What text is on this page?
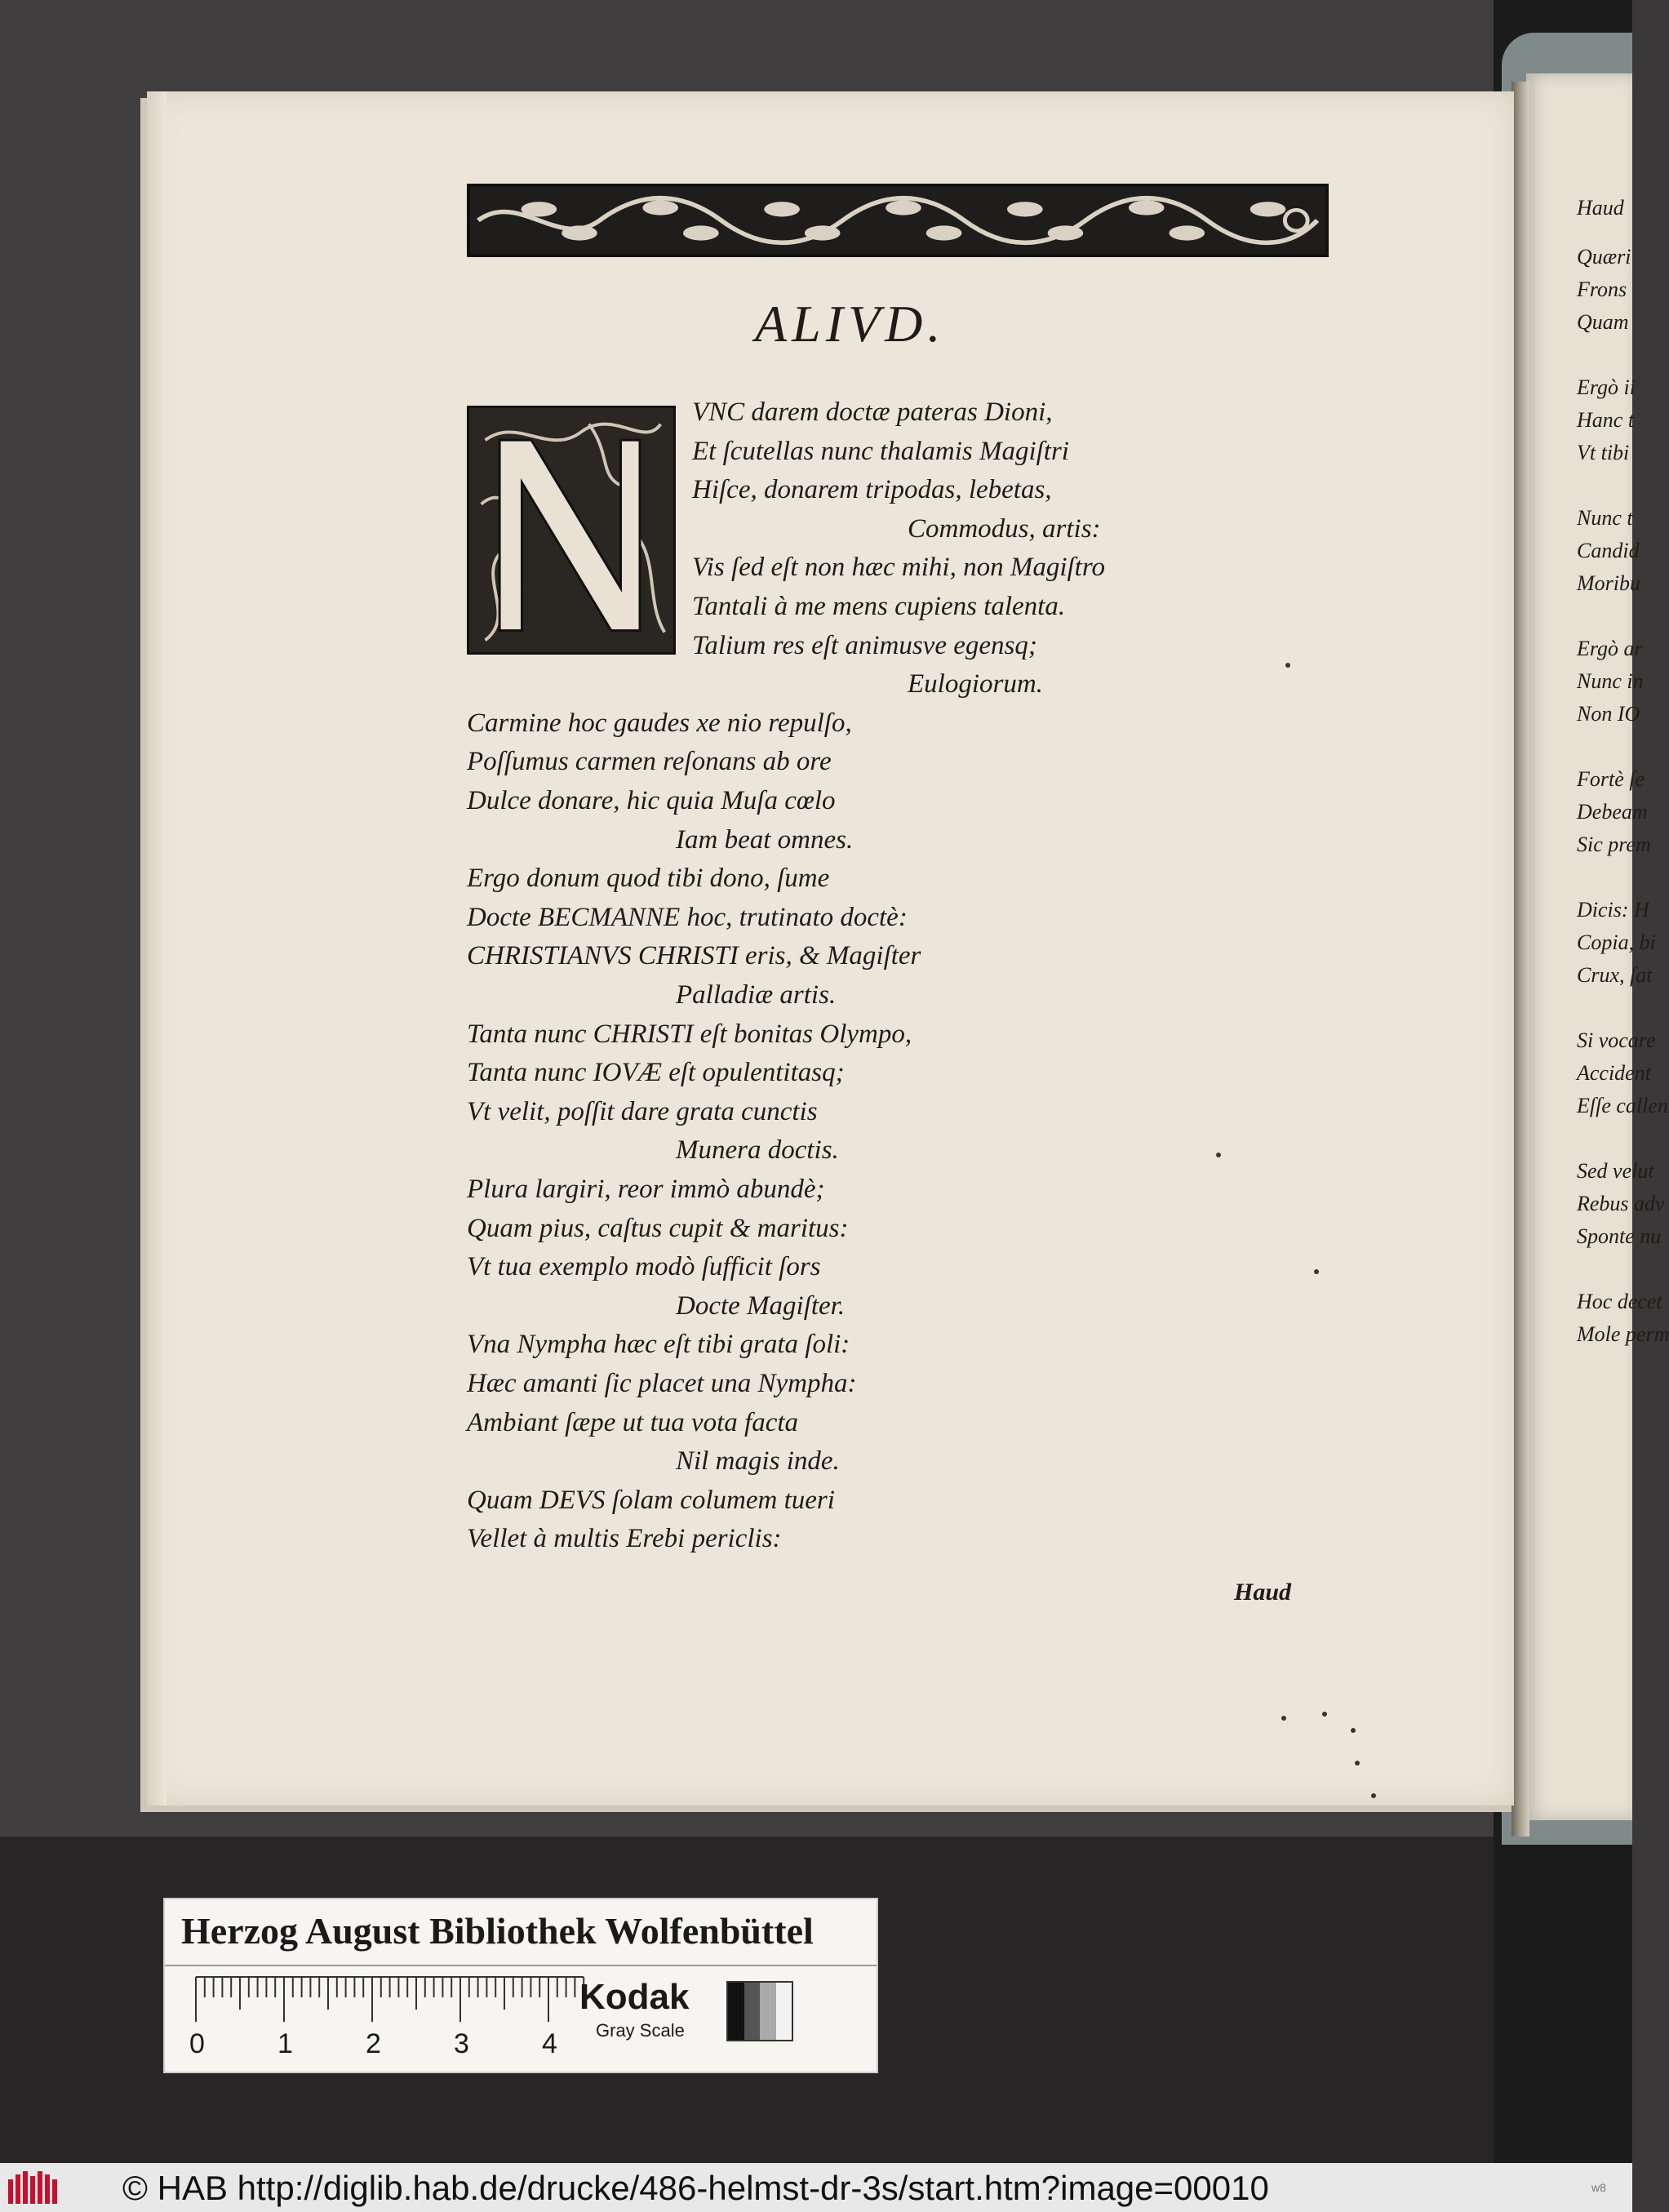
Haud
Quæri
Frons
Quam
Ergò ii
Hanc t
Vt tibi
Nunc t
Candid
Moribu
Ergò ar
Nunc in
Non IO
Fortè ſe
Debeam
Sic prem
Dicis: H
Copia, bi
Crux, ſat
Si vocare
Accident
Eſſe callen
Sed velut
Rebus adv
Sponte nu
Hoc decet
Mole perm
ALIVD.
VNC darem doctæ pateras Dioni,
Et ſcutellas nunc thalamis Magiſtri
Hiſce, donarem tripodas, lebetas,
Commodus, artis:
Vis ſed eſt non hæc mihi, non Magiſtro
Tantali à me mens cupiens talenta.
Talium res eſt animusve egensq;
Eulogiorum.
Carmine hoc gaudes xe nio repulſo,
Poſſumus carmen reſonans ab ore
Dulce donare, hic quia Muſa cœlo
Iam beat omnes.
Ergo donum quod tibi dono, ſume
Docte BECMANNE hoc, trutinato doctè:
CHRISTIANVS CHRISTI eris, & Magiſter
Palladiæ artis.
Tanta nunc CHRISTI eſt bonitas Olympo,
Tanta nunc IOVÆ eſt opulentitasq;
Vt velit, poſſit dare grata cunctis
Munera doctis.
Plura largiri, reor immò abundè;
Quam pius, caſtus cupit & maritus:
Vt tua exemplo modò ſufficit ſors
Docte Magiſter.
Vna Nympha hæc eſt tibi grata ſoli:
Hæc amanti ſic placet una Nympha:
Ambiant ſæpe ut tua vota facta
Nil magis inde.
Quam DEVS ſolam columem tueri
Vellet à multis Erebi periclis:
Haud
Herzog August Bibliothek Wolfenbüttel
0	1	2	3	4
Kodak
Gray Scale
© HAB http://diglib.hab.de/drucke/486-helmst-dr-3s/start.htm?image=00010	w8
